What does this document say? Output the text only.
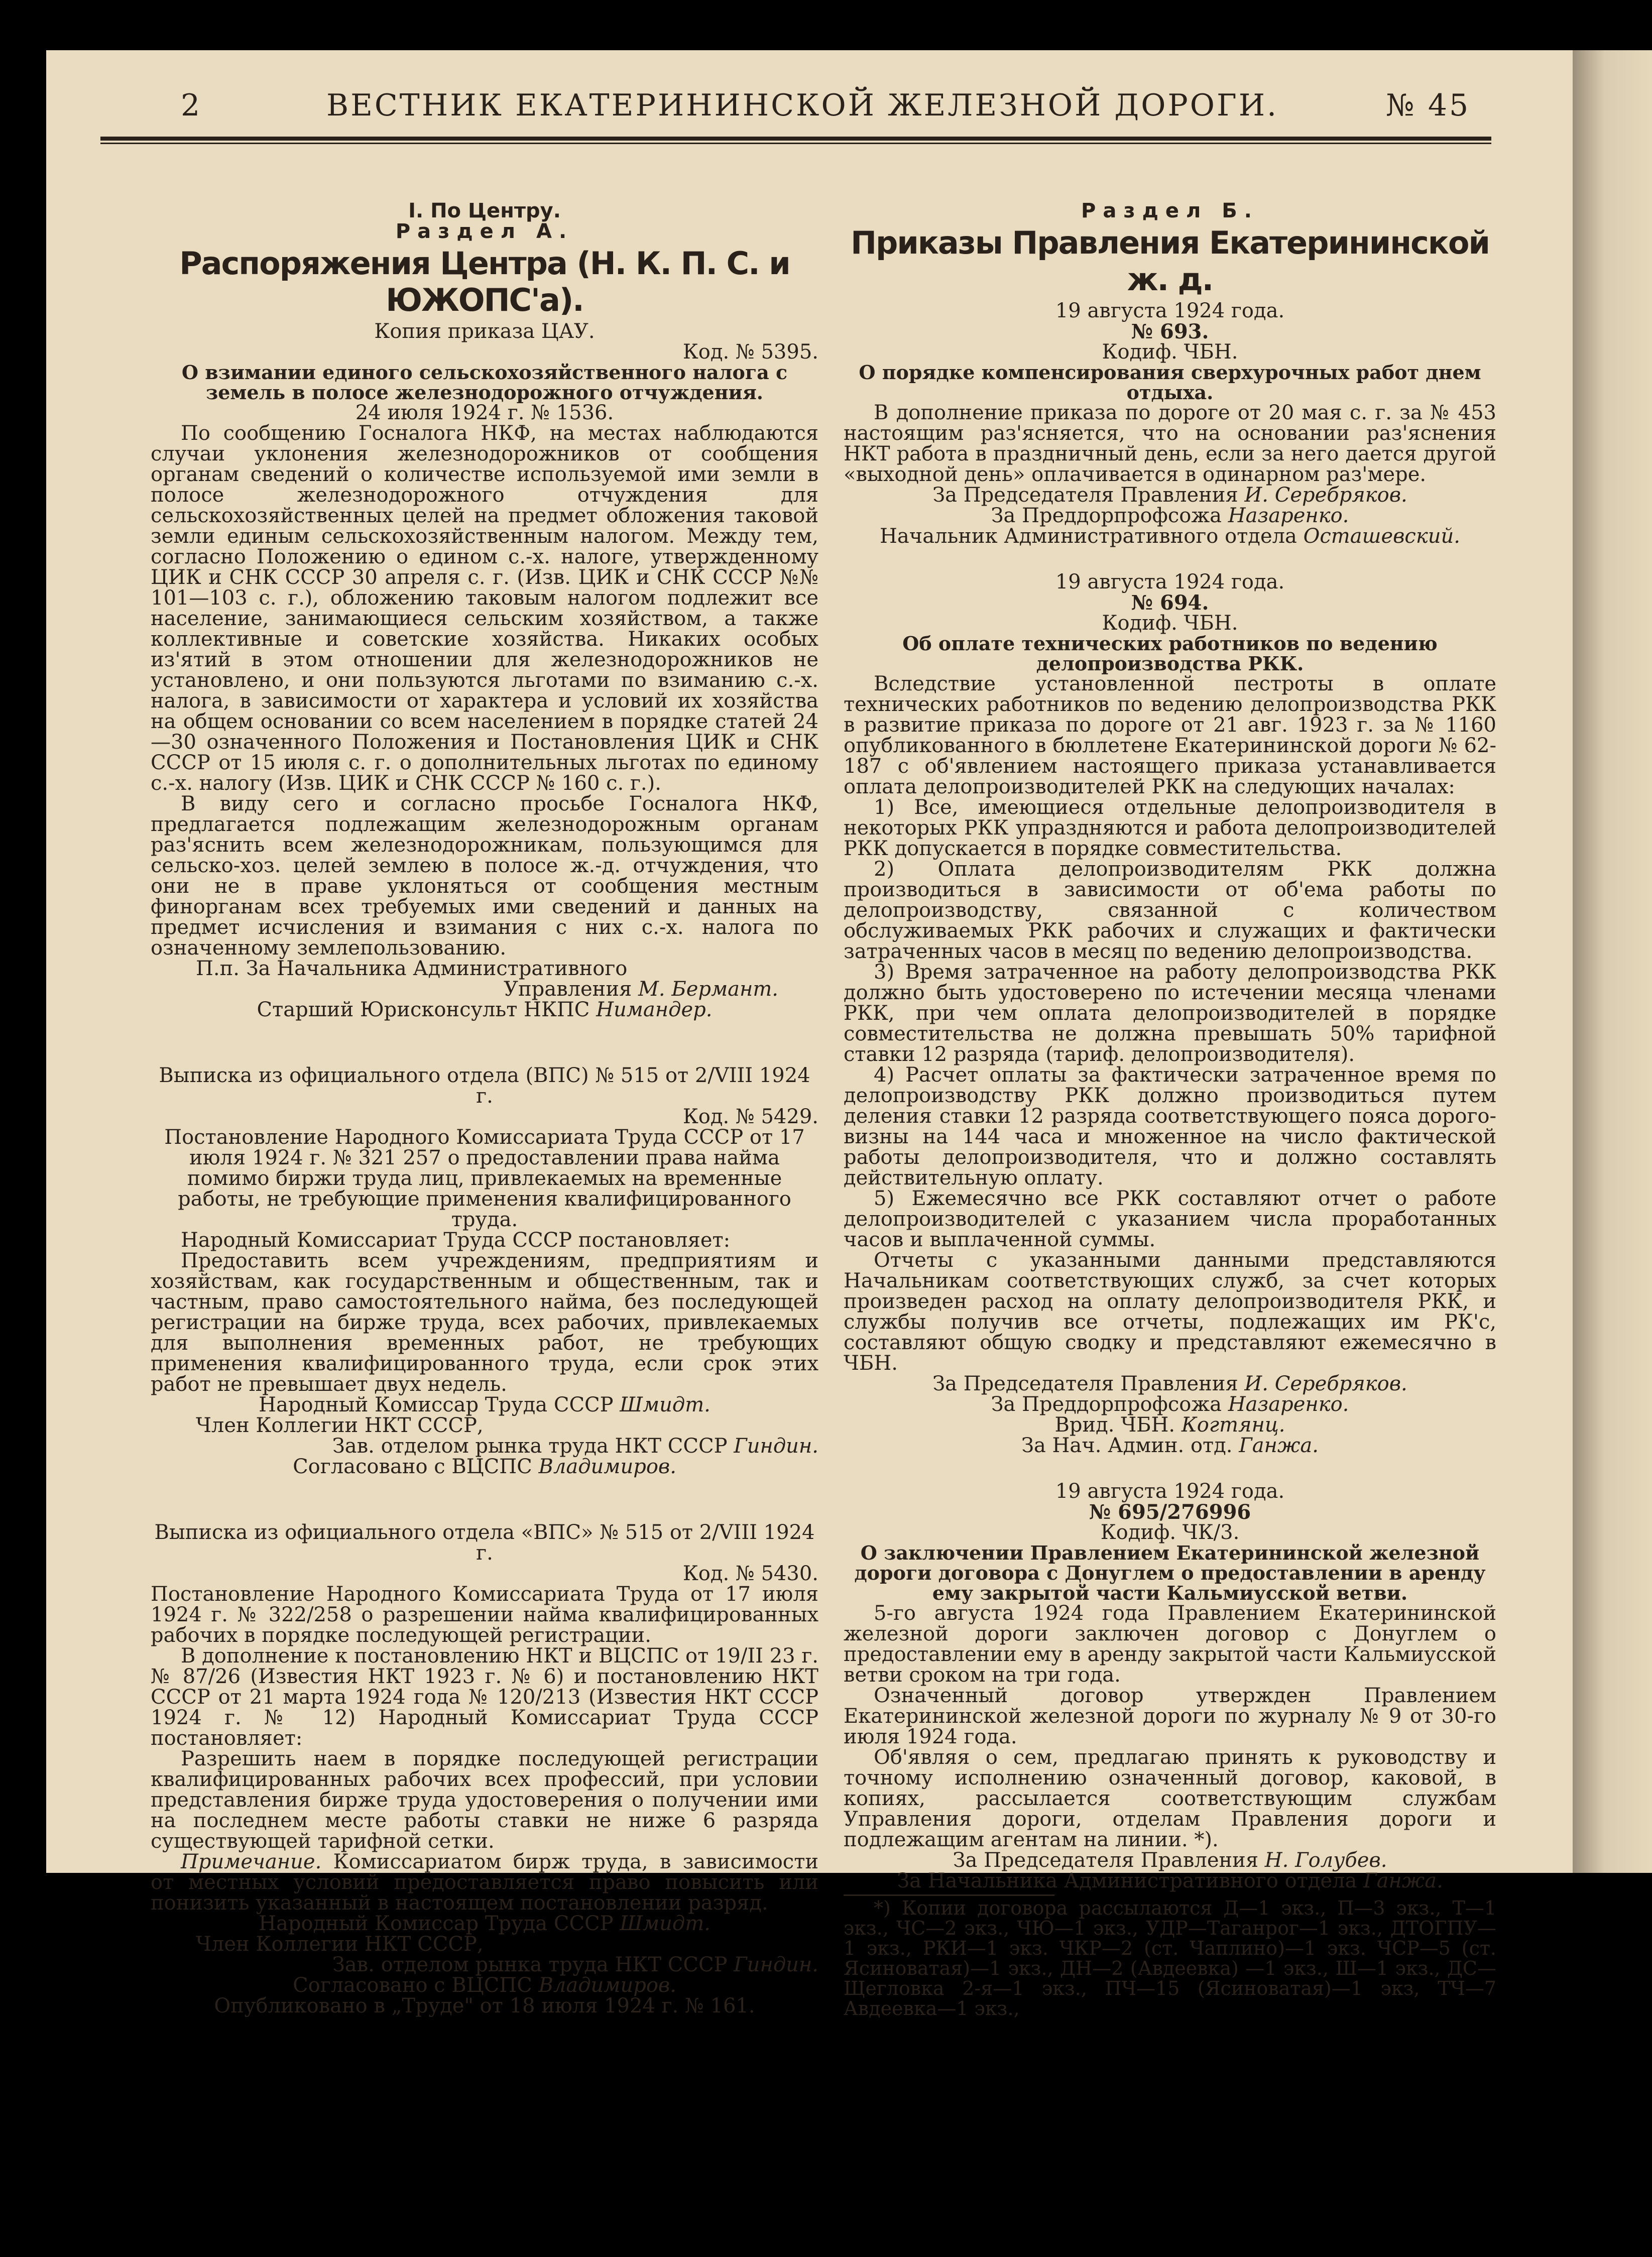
2	ВЕСТНИК ЕКАТЕРИНИНСКОЙ ЖЕЛЕЗНОЙ ДОРОГИ.	№ 45

I. По Центру.

Раздел А.

Распоряжения Центра (Н. К. П. С. и ЮЖОПС'а).

Копия приказа ЦАУ.

Код. № 5395.

О взимании единого сельскохозяйственного налога с земель в полосе железнодорожного отчуждения.

24 июля 1924 г. № 1536.

По сообщению Госналога НКФ, на местах наблюдаются случаи уклонения железнодорожников от сообщения органам сведений о количестве используемой ими земли в полосе железнодорожного отчуждения для сельскохозяйственных целей на предмет обложения таковой земли единым сельскохозяйственным налогом. Между тем, согласно Положению о едином с.-х. налоге, утвержденному ЦИК и СНК СССР 30 апреля с. г. (Изв. ЦИК и СНК СССР №№ 101—103 с. г.), обложению таковым налогом подлежит все население, занимающиеся сельским хозяйством, а также коллективные и советские хозяйства. Никаких особых из'ятий в этом отношении для железнодорожников не установлено, и они пользуются льготами по взиманию с.-х. налога, в зависимости от характера и условий их хозяйства на общем основании со всем населением в порядке статей 24—30 означенного Положения и Постановления ЦИК и СНК СССР от 15 июля с. г. о дополнительных льготах по единому с.-х. налогу (Изв. ЦИК и СНК СССР № 160 с. г.).

В виду сего и согласно просьбе Госналога НКФ, предлагается подлежащим железнодорожным органам раз'яснить всем железнодорожникам, пользующимся для сельско-хоз. целей землею в полосе ж.-д. отчуждения, что они не в праве уклоняться от сообщения местным финорганам всех требуемых ими сведений и данных на предмет исчисления и взимания с них с.-х. налога по означенному землепользованию.

П.п. За Начальника Административного

Управления М. Бермант.

Старший Юрисконсульт НКПС Нимандер.

Выписка из официального отдела (ВПС) № 515 от 2/VIII 1924 г.

Код. № 5429.

Постановление Народного Комиссариата Труда СССР от 17 июля 1924 г. № 321 257 о предоставлении права найма помимо биржи труда лиц, привлекаемых на временные работы, не требующие применения квалифицированного труда.

Народный Комиссариат Труда СССР постановляет:

Предоставить всем учреждениям, предприятиям и хозяйствам, как государственным и общественным, так и частным, право самостоятельного найма, без последующей регистрации на бирже труда, всех рабочих, привлекаемых для выполнения временных работ, не требующих применения квалифицированного труда, если срок этих работ не превышает двух недель.

Народный Комиссар Труда СССР Шмидт.

Член Коллегии НКТ СССР,

Зав. отделом рынка труда НКТ СССР Гиндин.

Согласовано с ВЦСПС Владимиров.

Выписка из официального отдела «ВПС» № 515 от 2/VIII 1924 г.

Код. № 5430.

Постановление Народного Комиссариата Труда от 17 июля 1924 г. № 322/258 о разрешении найма квалифицированных рабочих в порядке последующей регистрации.

В дополнение к постановлению НКТ и ВЦСПС от 19/II 23 г. № 87/26 (Известия НКТ 1923 г. № 6) и постановлению НКТ СССР от 21 марта 1924 года № 120/213 (Известия НКТ СССР 1924 г. № 12) Народный Комиссариат Труда СССР постановляет:

Разрешить наем в порядке последующей регистрации квалифицированных рабочих всех профессий, при условии представления бирже труда удостоверения о получении ими на последнем месте работы ставки не ниже 6 разряда существующей тарифной сетки.

Примечание. Комиссариатом бирж труда, в зависимости от местных условий предоставляется право повысить или понизить указанный в настоящем постановлении разряд.

Народный Комиссар Труда СССР Шмидт.

Член Коллегии НКТ СССР,

Зав. отделом рынка труда НКТ СССР Гиндин.

Согласовано с ВЦСПС Владимиров.

Опубликовано в „Труде" от 18 июля 1924 г. № 161.

Раздел Б.

Приказы Правления Екатерининской ж. д.

19 августа 1924 года.

№ 693.

Кодиф. ЧБН.

О порядке компенсирования сверхурочных работ днем отдыха.

В дополнение приказа по дороге от 20 мая с. г. за № 453 настоящим раз'ясняется, что на основании раз'яснения НКТ работа в праздничный день, если за него дается другой «выходной день» оплачивается в одинарном раз'мере.

За Председателя Правления И. Серебряков.

За Преддорпрофсожа Назаренко.

Начальник Административного отдела Осташевский.

19 августа 1924 года.

№ 694.

Кодиф. ЧБН.

Об оплате технических работников по ведению делопроизводства РКК.

Вследствие установленной пестроты в оплате технических работников по ведению делопроизводства РКК в развитие приказа по дороге от 21 авг. 1923 г. за № 1160 опубликованного в бюллетене Екатерининской дороги № 62-187 с об'явлением настоящего приказа устанавливается оплата делопроизводителей РКК на следующих началах:

1) Все, имеющиеся отдельные делопроизводителя в некоторых РКК упраздняются и работа делопроизводителей РКК допускается в порядке совместительства.

2) Оплата делопроизводителям РКК должна производиться в зависимости от об'ема работы по делопроизводству, связанной с количеством обслуживаемых РКК рабочих и служащих и фактически затраченных часов в месяц по ведению делопроизводства.

3) Время затраченное на работу делопроизводства РКК должно быть удостоверено по истечении месяца членами РКК, при чем оплата делопроизводителей в порядке совместительства не должна превышать 50% тарифной ставки 12 разряда (тариф. делопроизводителя).

4) Расчет оплаты за фактически затраченное время по делопроизводству РКК должно производиться путем деления ставки 12 разряда соответствующего пояса дорого-визны на 144 часа и множенное на число фактической работы делопроизводителя, что и должно составлять действительную оплату.

5) Ежемесячно все РКК составляют отчет о работе делопроизводителей с указанием числа проработанных часов и выплаченной суммы.

Отчеты с указанными данными представляются Начальникам соответствующих служб, за счет которых произведен расход на оплату делопроизводителя РКК, и службы получив все отчеты, подлежащих им РК'с, составляют общую сводку и представляют ежемесячно в ЧБН.

За Председателя Правления И. Серебряков.

За Преддорпрофсожа Назаренко.

Врид. ЧБН. Когтянц.

За Нач. Админ. отд. Ганжа.

19 августа 1924 года.

№ 695/276996

Кодиф. ЧК/3.

О заключении Правлением Екатерининской железной дороги договора с Донуглем о предоставлении в аренду ему закрытой части Кальмиусской ветви.

5-го августа 1924 года Правлением Екатерининской железной дороги заключен договор с Донуглем о предоставлении ему в аренду закрытой части Кальмиусской ветви сроком на три года.

Означенный договор утвержден Правлением Екатерининской железной дороги по журналу № 9 от 30-го июля 1924 года.

Об'являя о сем, предлагаю принять к руководству и точному исполнению означенный договор, каковой, в копиях, рассылается соответствующим службам Управления дороги, отделам Правления дороги и подлежащим агентам на линии. *).

За Председателя Правления Н. Голубев.

За Начальника Административного отдела Ганжа.

*) Копии договора рассылаются Д—1 экз., П—3 экз., Т—1 экз., ЧС—2 экз., ЧЮ—1 экз., УДР—Таганрог—1 экз., ДТОГПУ—1 экз., РКИ—1 экз. ЧКР—2 (ст. Чаплино)—1 экз. ЧСР—5 (ст. Ясиноватая)—1 экз., ДН—2 (Авдеевка) —1 экз., Ш—1 экз., ДС—Щегловка 2-я—1 экз., ПЧ—15 (Ясиноватая)—1 экз, ТЧ—7 Авдеевка—1 экз.,
